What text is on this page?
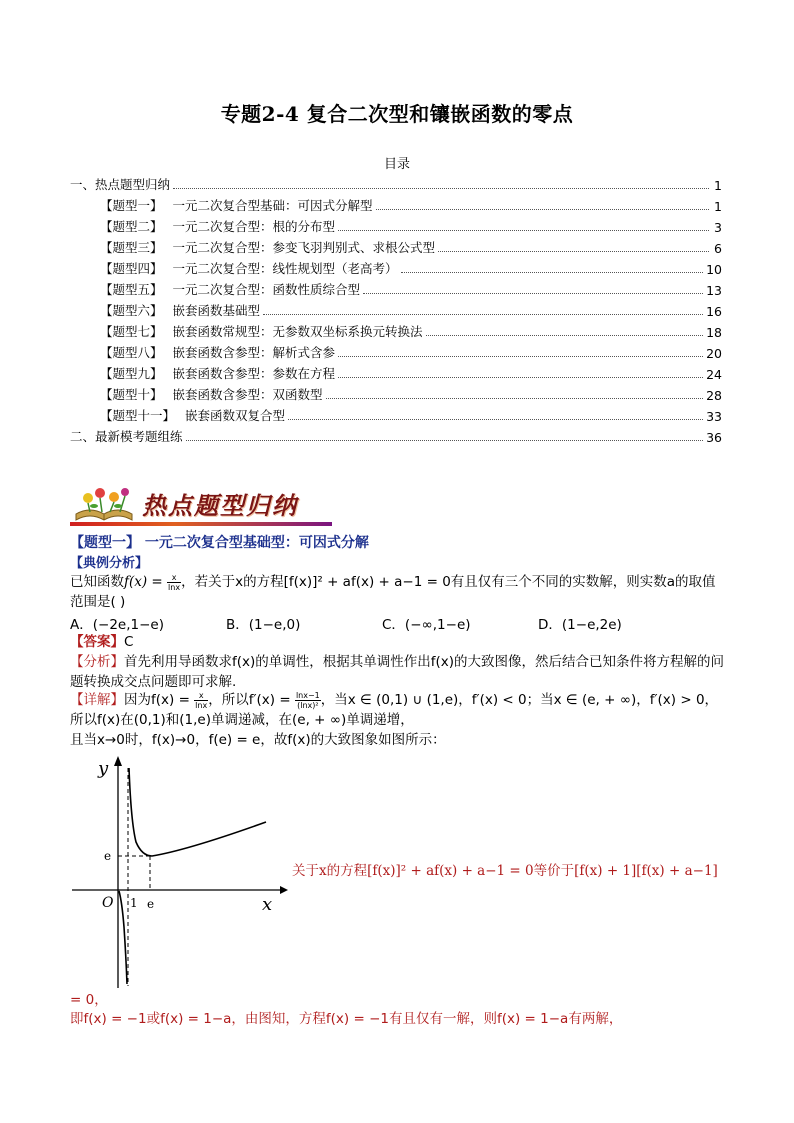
专题2-4 复合二次型和镶嵌函数的零点
目录
一、热点题型归纳	1
【题型一】 一元二次复合型基础：可因式分解型	1
【题型二】 一元二次复合型：根的分布型	3
【题型三】 一元二次复合型：参变飞羽判别式、求根公式型	6
【题型四】 一元二次复合型：线性规划型（老高考）	10
【题型五】 一元二次复合型：函数性质综合型	13
【题型六】 嵌套函数基础型	16
【题型七】 嵌套函数常规型：无参数双坐标系换元转换法	18
【题型八】 嵌套函数含参型：解析式含参	20
【题型九】 嵌套函数含参型：参数在方程	24
【题型十】 嵌套函数含参型：双函数型	28
【题型十一】 嵌套函数双复合型	33
二、最新模考题组练	36
热点题型归纳
【题型一】 一元二次复合型基础型：可因式分解
【典例分析】
已知函数$f(x) = \frac{x}{\ln x}$ ，若关于x的方程[f(x)]² + af(x) + a−1 = 0有且仅有三个不同的实数解，则实数a的取值
范围是( )
A．(−2e,1−e)	B．(1−e,0)	C．(−∞,1−e)	D．(1−e,2e)
【答案】C
【分析】首先利用导函数求f(x)的单调性，根据其单调性作出f(x)的大致图像，然后结合已知条件将方程解的问题转换成交点问题即可求解.
【详解】因为$f(x) = \frac{x}{\ln x}$ ，所以$f'(x) = \frac{\ln x-1}{\text{(lnx)²}}$ ，当x ∈ (0,1) ∪ (1,e)，f′(x) < 0；当x ∈ (e, + ∞)，f′(x) > 0，
所以f(x)在(0,1)和(1,e)单调递减，在(e, + ∞)单调递增，
且当x→0时，f(x)→0，f(e) = e，故f(x)的大致图象如图所示：
y
x
O 1 e
e
关于x的方程[f(x)]² + af(x) + a−1 = 0等价于[f(x) + 1][f(x) + a−1]
= 0，
即f(x) = −1或f(x) = 1−a，由图知，方程f(x) = −1有且仅有一解，则f(x) = 1−a有两解，
